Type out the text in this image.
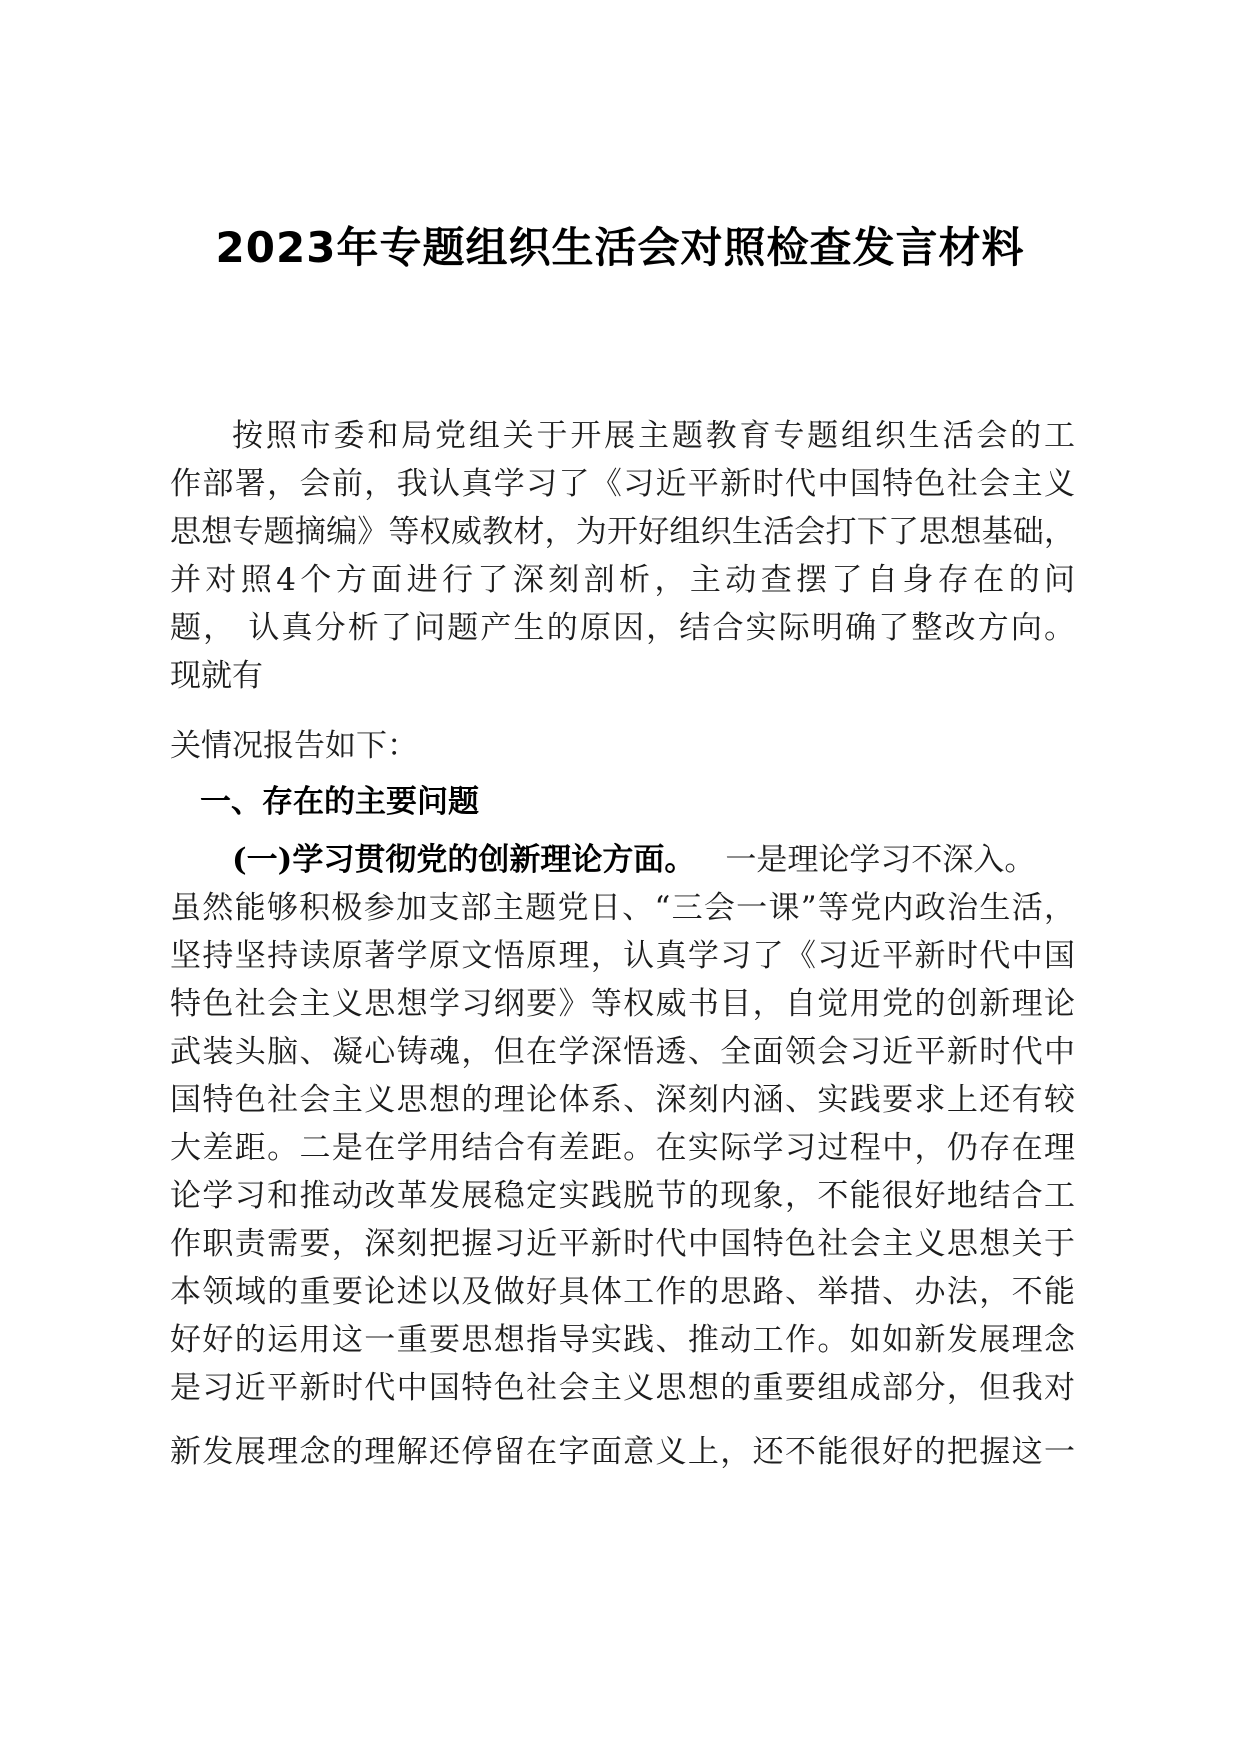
2023年专题组织生活会对照检查发言材料
按照市委和局党组关于开展主题教育专题组织生活会的工
作部署，会前，我认真学习了《习近平新时代中国特色社会主义
思想专题摘编》等权威教材，为开好组织生活会打下了思想基础，
并对照4个方面进行了深刻剖析，主动查摆了自身存在的问
题， 认真分析了问题产生的原因，结合实际明确了整改方向。
现就有
关情况报告如下：
一、存在的主要问题
(一)学习贯彻党的创新理论方面。 一是理论学习不深入。
虽然能够积极参加支部主题党日、“三会一课”等党内政治生活，
坚持坚持读原著学原文悟原理，认真学习了《习近平新时代中国
特色社会主义思想学习纲要》等权威书目，自觉用党的创新理论
武装头脑、凝心铸魂，但在学深悟透、全面领会习近平新时代中
国特色社会主义思想的理论体系、深刻内涵、实践要求上还有较
大差距。二是在学用结合有差距。在实际学习过程中，仍存在理
论学习和推动改革发展稳定实践脱节的现象，不能很好地结合工
作职责需要，深刻把握习近平新时代中国特色社会主义思想关于
本领域的重要论述以及做好具体工作的思路、举措、办法，不能
好好的运用这一重要思想指导实践、推动工作。如如新发展理念
是习近平新时代中国特色社会主义思想的重要组成部分，但我对
新发展理念的理解还停留在字面意义上，还不能很好的把握这一
